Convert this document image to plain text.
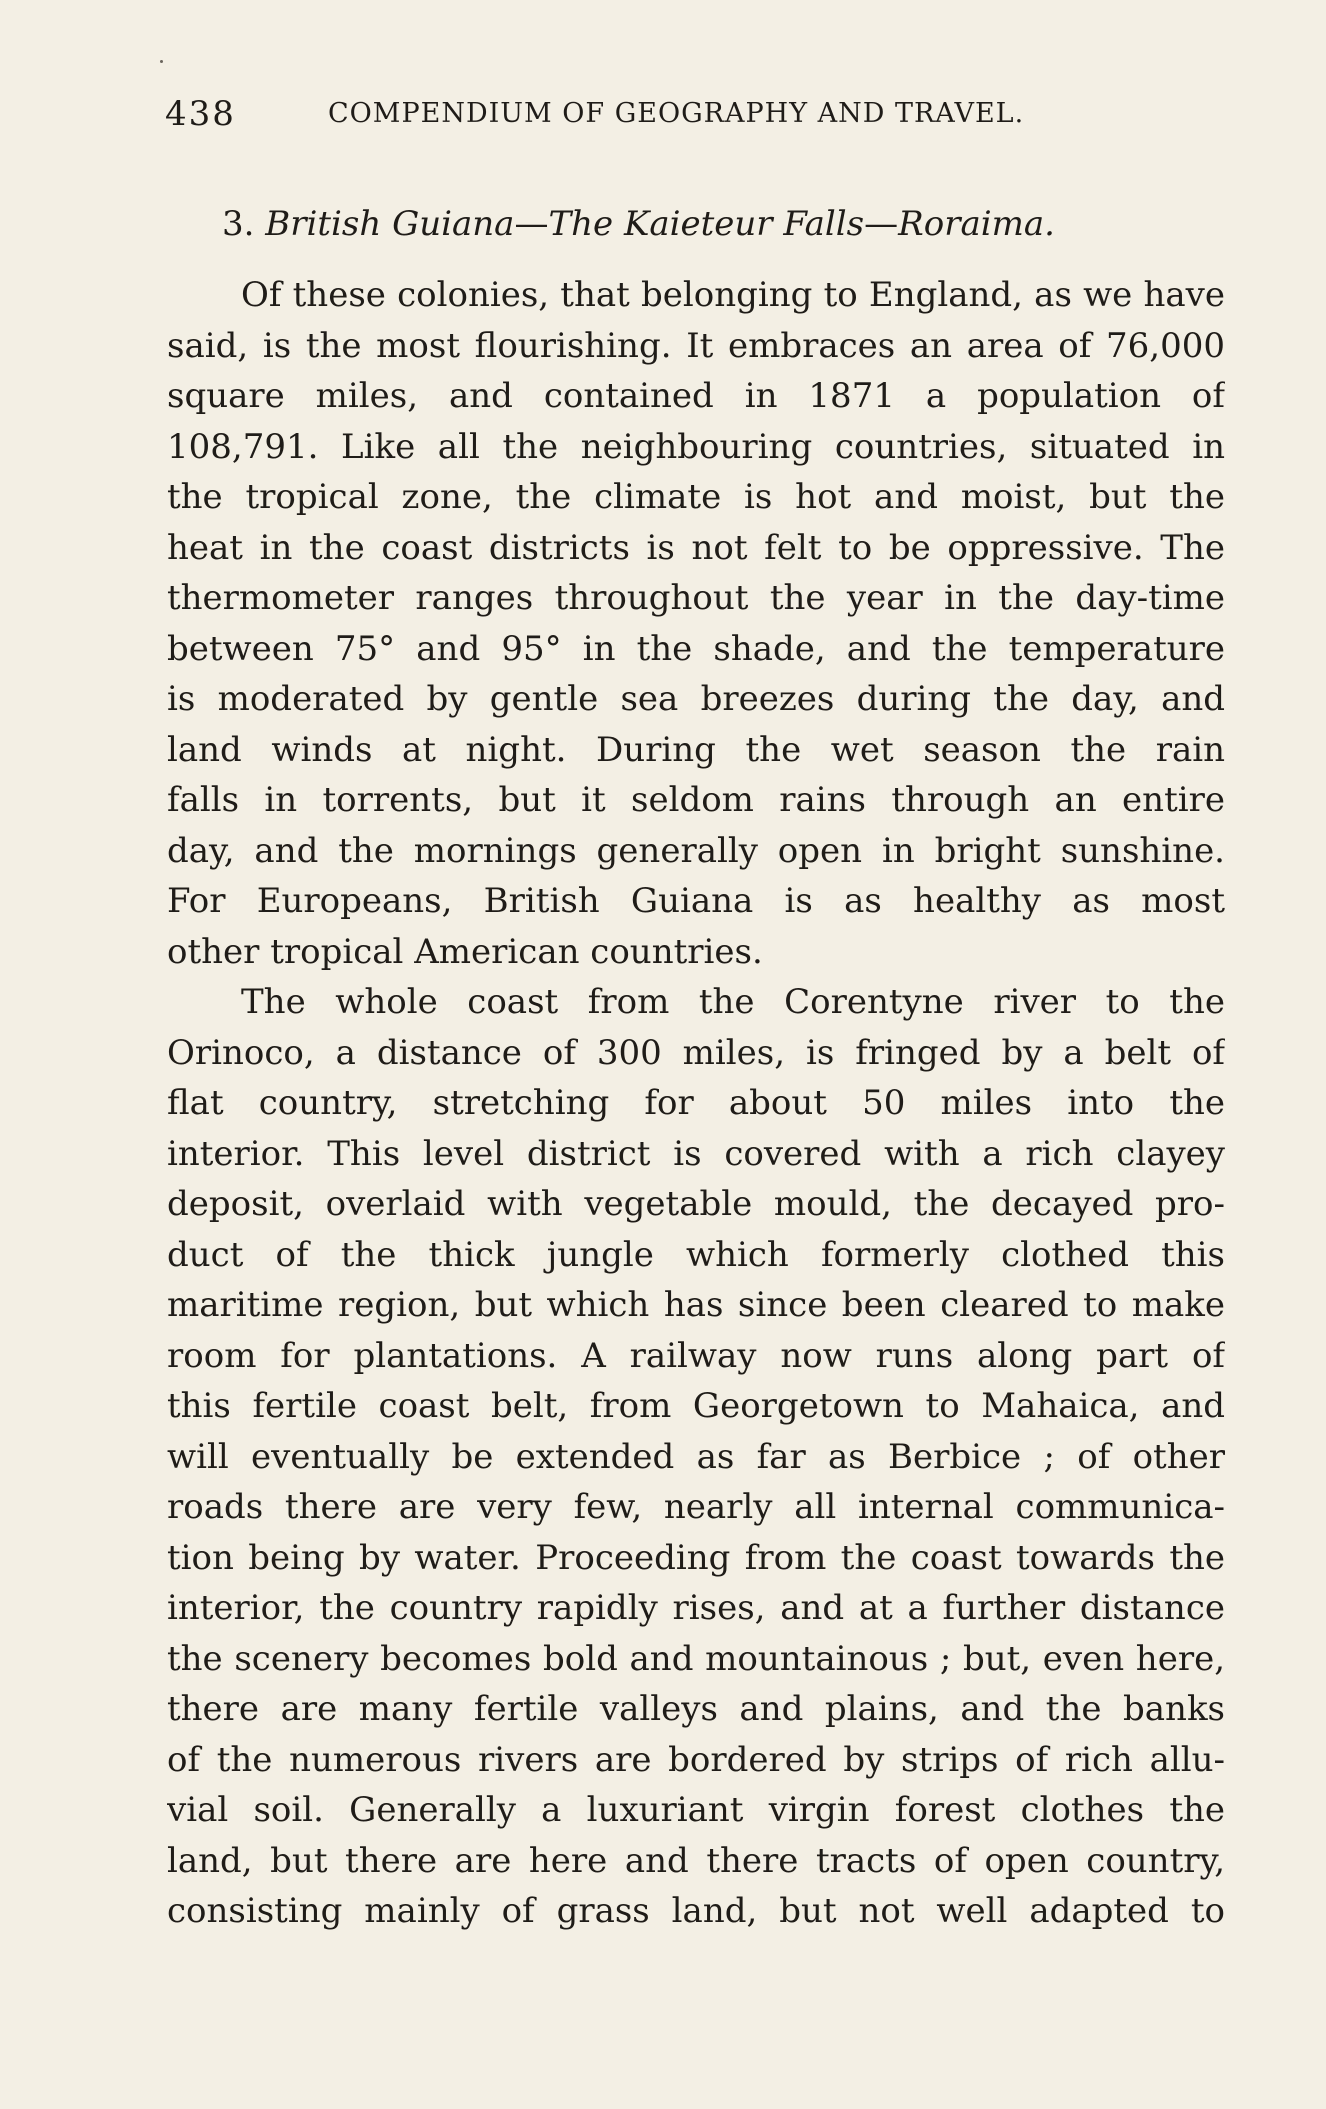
438	COMPENDIUM OF GEOGRAPHY AND TRAVEL.
3. British Guiana—The Kaieteur Falls—Roraima.
Of these colonies, that belonging to England, as we have
said, is the most flourishing. It embraces an area of 76,000
square miles, and contained in 1871 a population of
108,791. Like all the neighbouring countries, situated in
the tropical zone, the climate is hot and moist, but the
heat in the coast districts is not felt to be oppressive. The
thermometer ranges throughout the year in the day-time
between 75° and 95° in the shade, and the temperature
is moderated by gentle sea breezes during the day, and
land winds at night. During the wet season the rain
falls in torrents, but it seldom rains through an entire
day, and the mornings generally open in bright sunshine.
For Europeans, British Guiana is as healthy as most
other tropical American countries.
The whole coast from the Corentyne river to the
Orinoco, a distance of 300 miles, is fringed by a belt of
flat country, stretching for about 50 miles into the
interior. This level district is covered with a rich clayey
deposit, overlaid with vegetable mould, the decayed pro-
duct of the thick jungle which formerly clothed this
maritime region, but which has since been cleared to make
room for plantations. A railway now runs along part of
this fertile coast belt, from Georgetown to Mahaica, and
will eventually be extended as far as Berbice ; of other
roads there are very few, nearly all internal communica-
tion being by water. Proceeding from the coast towards the
interior, the country rapidly rises, and at a further distance
the scenery becomes bold and mountainous ; but, even here,
there are many fertile valleys and plains, and the banks
of the numerous rivers are bordered by strips of rich allu-
vial soil. Generally a luxuriant virgin forest clothes the
land, but there are here and there tracts of open country,
consisting mainly of grass land, but not well adapted to
